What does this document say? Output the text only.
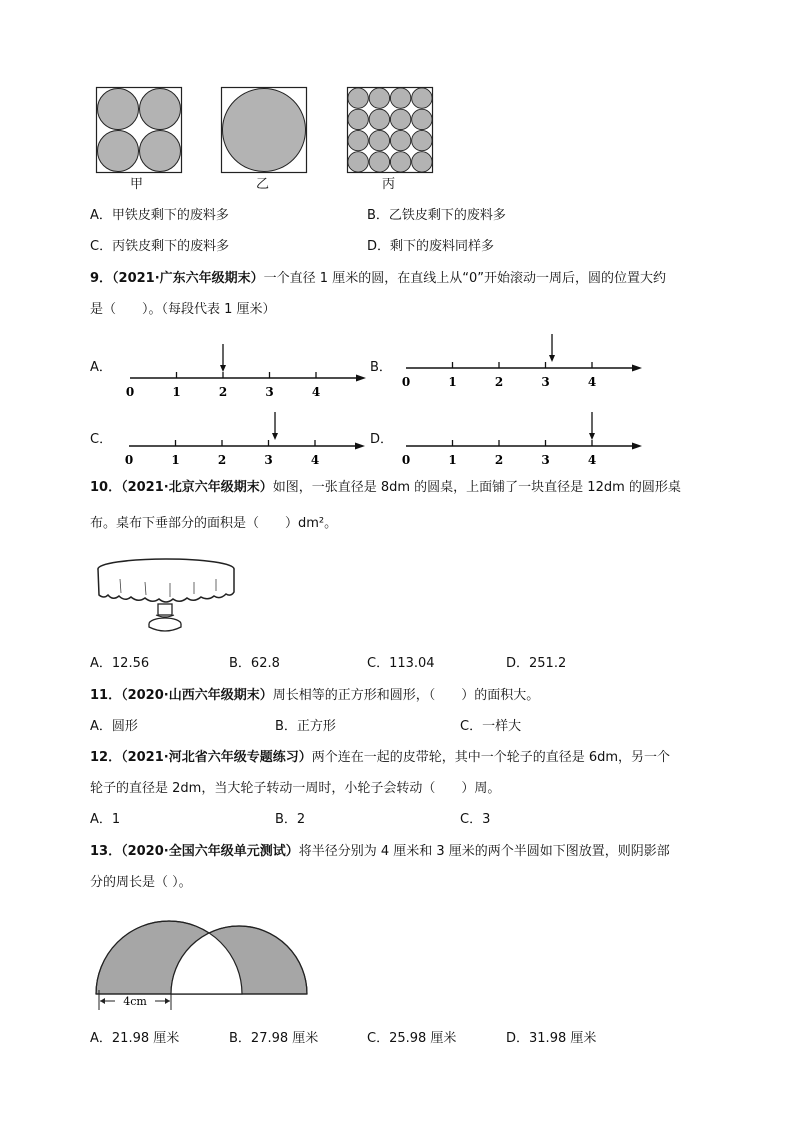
甲	乙	丙
A．甲铁皮剩下的废料多	B．乙铁皮剩下的废料多
C．丙铁皮剩下的废料多	D．剩下的废料同样多
9．（2021·广东六年级期末）一个直径 1 厘米的圆，在直线上从“0”开始滚动一周后，圆的位置大约
是（　　）。（每段代表 1 厘米）
A．	B．
C．	D．
0	1	2	3	4
0	1	2	3	4
0	1	2	3	4	0	1	2	3	4
10．（2021·北京六年级期末）如图，一张直径是 8dm 的圆桌，上面铺了一块直径是 12dm 的圆形桌
布。桌布下垂部分的面积是（　　）dm²。
A．12.56	B．62.8	C．113.04	D．251.2
11．（2020·山西六年级期末）周长相等的正方形和圆形，（　　）的面积大。
A．圆形	B．正方形	C．一样大
12．（2021·河北省六年级专题练习）两个连在一起的皮带轮，其中一个轮子的直径是 6dm，另一个
轮子的直径是 2dm，当大轮子转动一周时，小轮子会转动（　　）周。
A．1	B．2	C．3
13．（2020·全国六年级单元测试）将半径分别为 4 厘米和 3 厘米的两个半圆如下图放置，则阴影部
分的周长是（ ）。
4cm
A．21.98 厘米	B．27.98 厘米	C．25.98 厘米	D．31.98 厘米
